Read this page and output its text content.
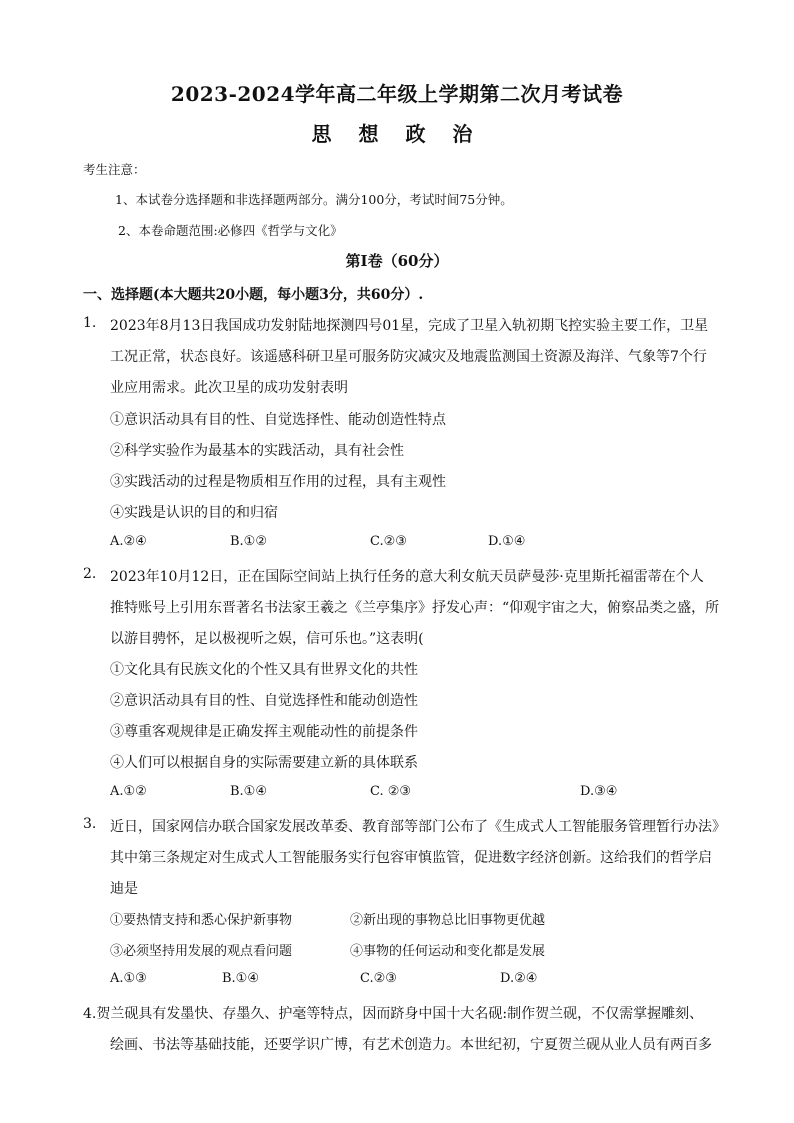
2023-2024学年高二年级上学期第二次月考试卷
思 想 政 治
考生注意：
1、本试卷分选择题和非选择题两部分。满分100分，考试时间75分钟。
2、本卷命题范围:必修四《哲学与文化》
第Ⅰ卷（60分）
一、选择题(本大题共20小题，每小题3分，共60分）.
1. 2023年8月13日我国成功发射陆地探测四号01星，完成了卫星入轨初期飞控实验主要工作，卫星
工况正常，状态良好。该遥感科研卫星可服务防灾减灾及地震监测国土资源及海洋、气象等7个行
业应用需求。此次卫星的成功发射表明
①意识活动具有目的性、自觉选择性、能动创造性特点
②科学实验作为最基本的实践活动，具有社会性
③实践活动的过程是物质相互作用的过程，具有主观性
④实践是认识的目的和归宿
A.②④	B.①②	C.②③	D.①④
2. 2023年10月12日，正在国际空间站上执行任务的意大利女航天员萨曼莎·克里斯托福雷蒂在个人
推特账号上引用东晋著名书法家王羲之《兰亭集序》抒发心声：“仰观宇宙之大，俯察品类之盛，所
以游目骋怀，足以极视听之娱，信可乐也。”这表明(
①文化具有民族文化的个性又具有世界文化的共性
②意识活动具有目的性、自觉选择性和能动创造性
③尊重客观规律是正确发挥主观能动性的前提条件
④人们可以根据自身的实际需要建立新的具体联系
A.①②	B.①④	C. ②③	D.③④
3. 近日，国家网信办联合国家发展改革委、教育部等部门公布了《生成式人工智能服务管理暂行办法》
其中第三条规定对生成式人工智能服务实行包容审慎监管，促进数字经济创新。这给我们的哲学启
迪是
①要热情支持和悉心保护新事物	②新出现的事物总比旧事物更优越
③必须坚持用发展的观点看问题	④事物的任何运动和变化都是发展
A.①③	B.①④	C.②③	D.②④
4.贺兰砚具有发墨快、存墨久、护毫等特点，因而跻身中国十大名砚:制作贺兰砚，不仅需掌握雕刻、
绘画、书法等基础技能，还要学识广博，有艺术创造力。本世纪初，宁夏贺兰砚从业人员有两百多
